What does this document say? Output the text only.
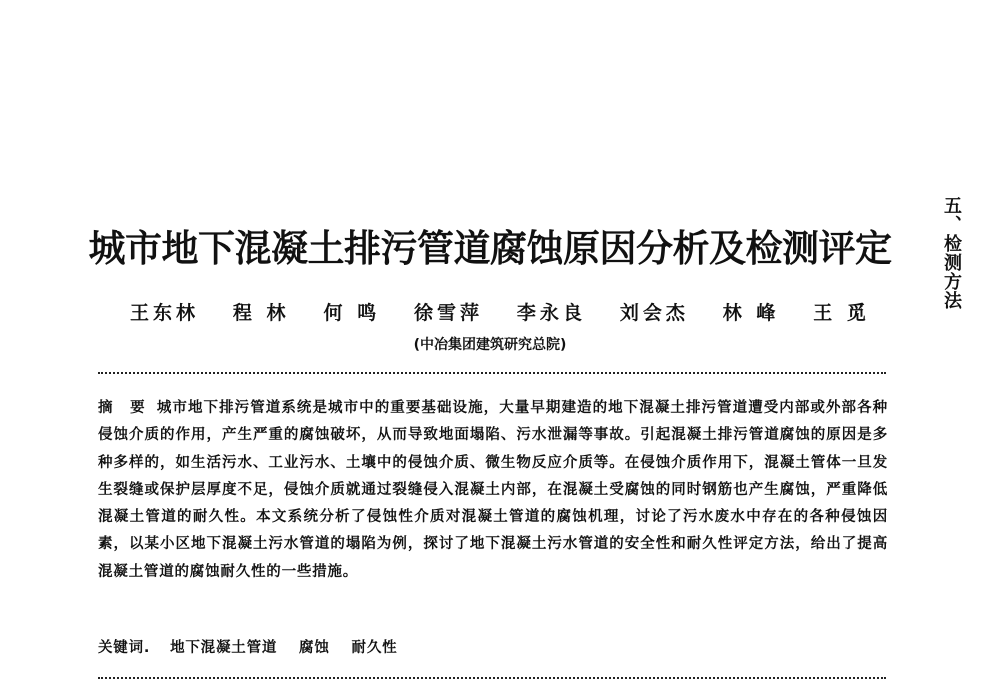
五、检测方法
城市地下混凝土排污管道腐蚀原因分析及检测评定
王东林 程 林 何 鸣 徐雪萍 李永良 刘会杰 林 峰 王 觅
(中冶集团建筑研究总院)
摘 要 城市地下排污管道系统是城市中的重要基础设施，大量早期建造的地下混凝土排污管道遭受内部或外部各种侵蚀介质的作用，产生严重的腐蚀破坏，从而导致地面塌陷、污水泄漏等事故。引起混凝土排污管道腐蚀的原因是多种多样的，如生活污水、工业污水、土壤中的侵蚀介质、微生物反应介质等。在侵蚀介质作用下，混凝土管体一旦发生裂缝或保护层厚度不足，侵蚀介质就通过裂缝侵入混凝土内部，在混凝土受腐蚀的同时钢筋也产生腐蚀，严重降低混凝土管道的耐久性。本文系统分析了侵蚀性介质对混凝土管道的腐蚀机理，讨论了污水废水中存在的各种侵蚀因素，以某小区地下混凝土污水管道的塌陷为例，探讨了地下混凝土污水管道的安全性和耐久性评定方法，给出了提高混凝土管道的腐蚀耐久性的一些措施。
关键词. 地下混凝土管道 腐蚀 耐久性
